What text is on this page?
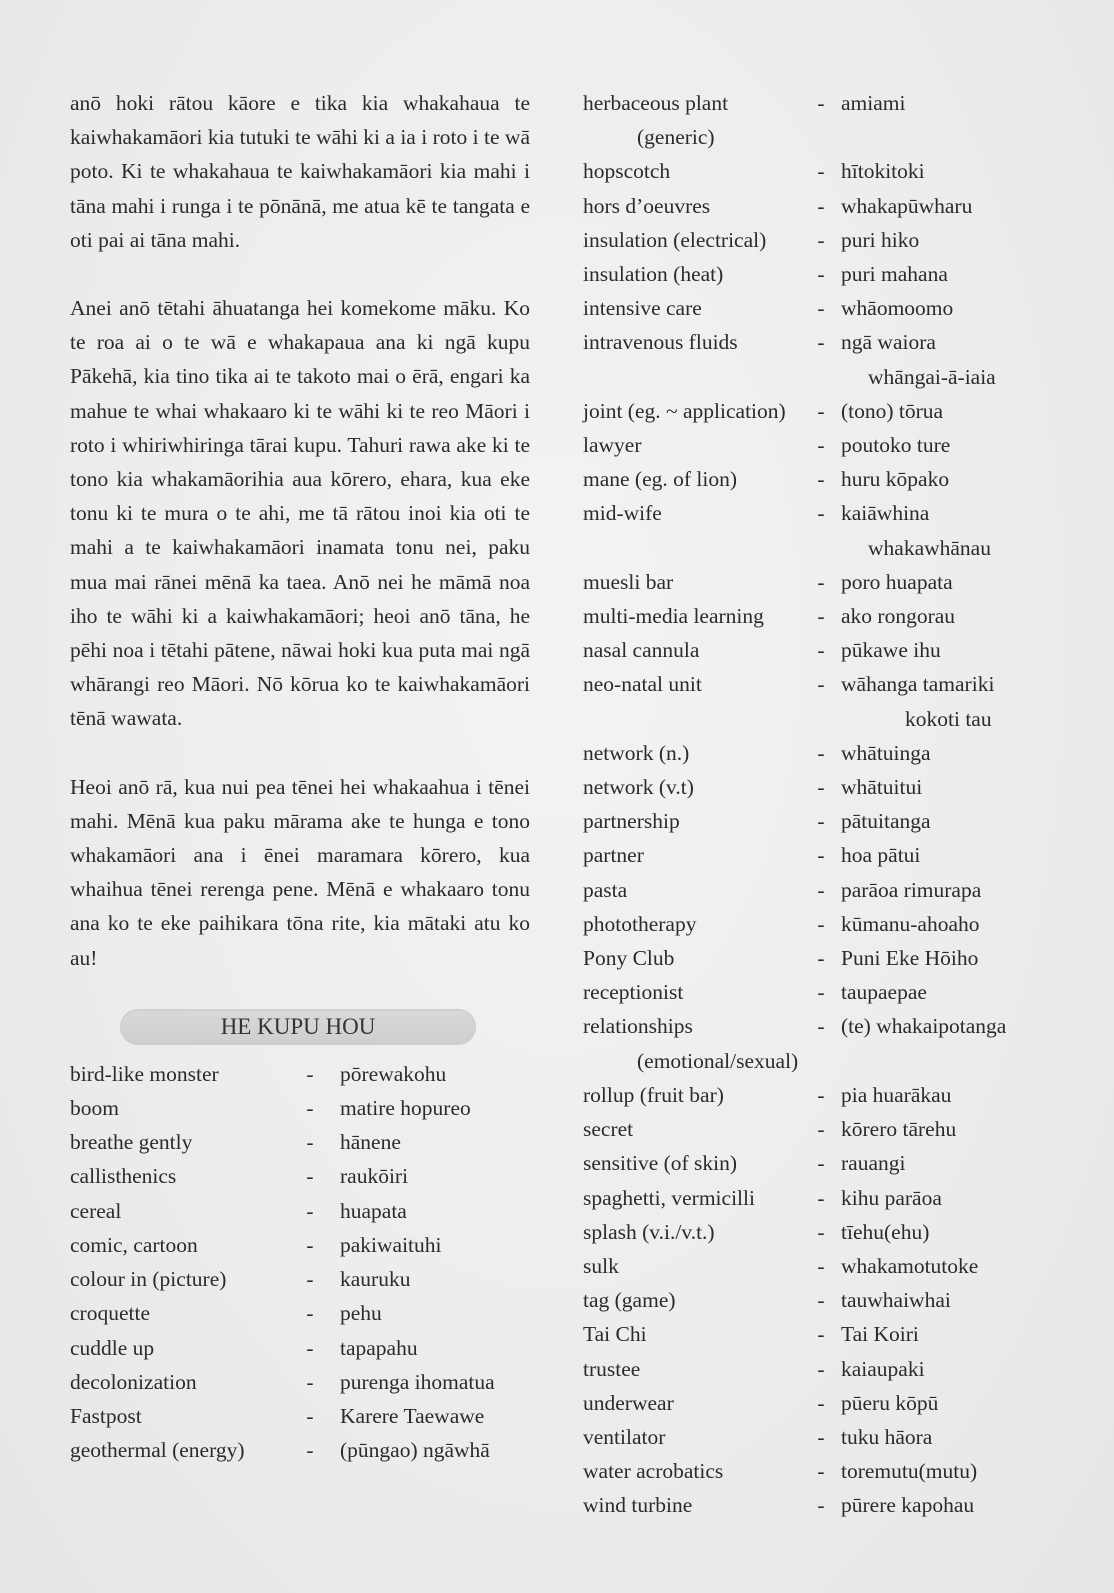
anō hoki rātou kāore e tika kia whakahaua te kaiwhakamāori kia tutuki te wāhi ki a ia i roto i te wā poto. Ki te whakahaua te kaiwhakamāori kia mahi i tāna mahi i runga i te pōnānā, me atua kē te tangata e oti pai ai tāna mahi.

Anei anō tētahi āhuatanga hei komekome māku. Ko te roa ai o te wā e whakapaua ana ki ngā kupu Pākehā, kia tino tika ai te takoto mai o ērā, engari ka mahue te whai whakaaro ki te wāhi ki te reo Māori i roto i whiriwhiringa tārai kupu. Tahuri rawa ake ki te tono kia whakamāorihia aua kōrero, ehara, kua eke tonu ki te mura o te ahi, me tā rātou inoi kia oti te mahi a te kaiwhakamāori inamata tonu nei, paku mua mai rānei mēnā ka taea. Anō nei he māmā noa iho te wāhi ki a kaiwhakamāori; heoi anō tāna, he pēhi noa i tētahi pātene, nāwai hoki kua puta mai ngā whārangi reo Māori. Nō kōrua ko te kaiwhakamāori tēnā wawata.

Heoi anō rā, kua nui pea tēnei hei whakaahua i tēnei mahi. Mēnā kua paku mārama ake te hunga e tono whakamāori ana i ēnei maramara kōrero, kua whaihua tēnei rerenga pene. Mēnā e whakaaro tonu ana ko te eke paihikara tōna rite, kia mātaki atu ko au!

HE KUPU HOU
bird-like monster	-	pōrewakohu
boom	-	matire hopureo
breathe gently	-	hānene
callisthenics	-	raukōiri
cereal	-	huapata
comic, cartoon	-	pakiwaituhi
colour in (picture)	-	kauruku
croquette	-	pehu
cuddle up	-	tapapahu
decolonization	-	purenga ihomatua
Fastpost	-	Karere Taewawe
geothermal (energy)	-	(pūngao) ngāwhā
herbaceous plant	- amiami
(generic)
hopscotch	- hītokitoki
hors d’oeuvres	- whakapūwharu
insulation (electrical)	- puri hiko
insulation (heat)	- puri mahana
intensive care	- whāomoomo
intravenous fluids	- ngā waiora
whāngai-ā-iaia
joint (eg. ~ application)	- (tono) tōrua
lawyer	- poutoko ture
mane (eg. of lion)	- huru kōpako
mid-wife	- kaiāwhina
whakawhānau
muesli bar	- poro huapata
multi-media learning	- ako rongorau
nasal cannula	- pūkawe ihu
neo-natal unit	- wāhanga tamariki
kokoti tau
network (n.)	- whātuinga
network (v.t)	- whātuitui
partnership	- pātuitanga
partner	- hoa pātui
pasta	- parāoa rimurapa
phototherapy	- kūmanu-ahoaho
Pony Club	- Puni Eke Hōiho
receptionist	- taupaepae
relationships	- (te) whakaipotanga
(emotional/sexual)
rollup (fruit bar)	- pia huarākau
secret	- kōrero tārehu
sensitive (of skin)	- rauangi
spaghetti, vermicilli	- kihu parāoa
splash (v.i./v.t.)	- tīehu(ehu)
sulk	- whakamotutoke
tag (game)	- tauwhaiwhai
Tai Chi	- Tai Koiri
trustee	- kaiaupaki
underwear	- pūeru kōpū
ventilator	- tuku hāora
water acrobatics	- toremutu(mutu)
wind turbine	- pūrere kapohau
